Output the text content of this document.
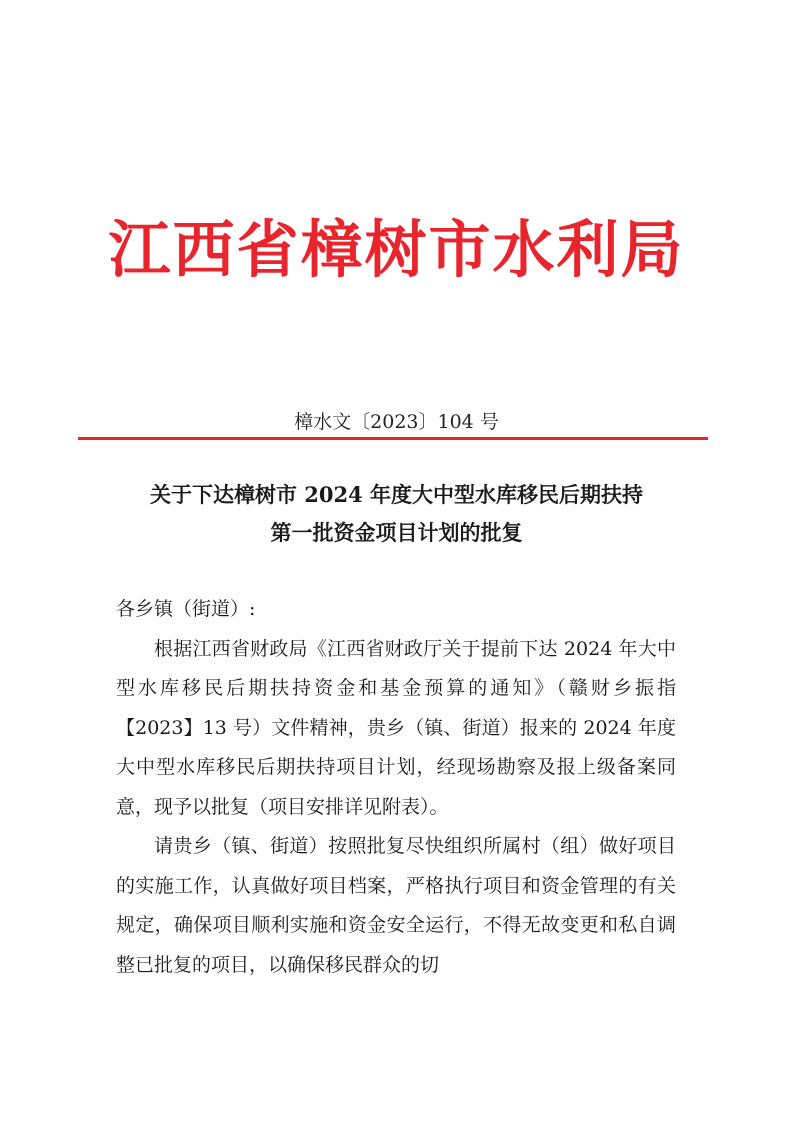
江西省樟树市水利局
樟水文〔2023〕104 号
关于下达樟树市 2024 年度大中型水库移民后期扶持
第一批资金项目计划的批复
各乡镇（街道）:

根据江西省财政局《江西省财政厅关于提前下达 2024 年大中型水库移民后期扶持资金和基金预算的通知》（赣财乡振指【2023】13 号）文件精神，贵乡（镇、街道）报来的 2024 年度大中型水库移民后期扶持项目计划，经现场勘察及报上级备案同意，现予以批复（项目安排详见附表）。

请贵乡（镇、街道）按照批复尽快组织所属村（组）做好项目的实施工作，认真做好项目档案，严格执行项目和资金管理的有关规定，确保项目顺利实施和资金安全运行，不得无故变更和私自调整已批复的项目，以确保移民群众的切
